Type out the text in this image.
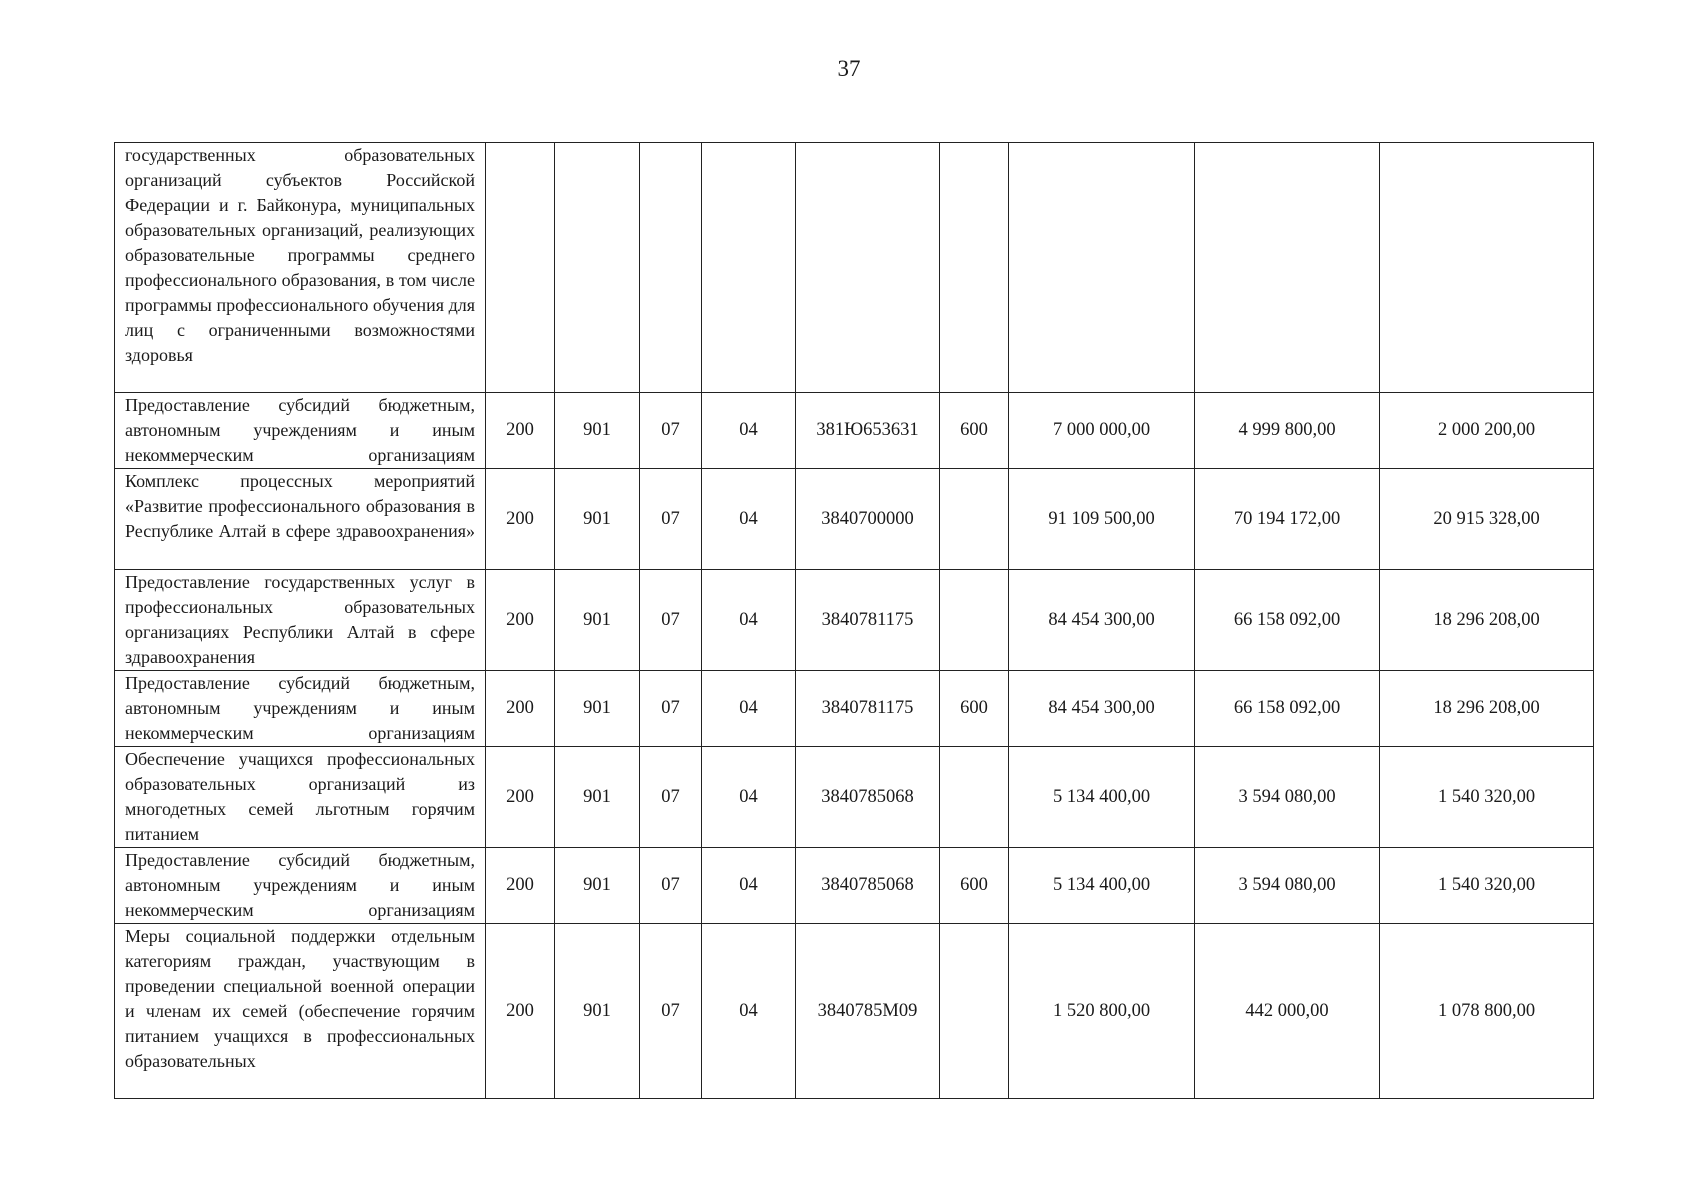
37
государственных образовательных организаций субъектов Российской Федерации и г. Байконура, муниципальных образовательных организаций, реализующих образовательные программы среднего профессионального образования, в том числе программы профессионального обучения для лиц с ограниченными возможностями здоровья									
Предоставление субсидий бюджетным, автономным учреждениям и иным некоммерческим организациям	200	901	07	04	381Ю653631	600	7 000 000,00	4 999 800,00	2 000 200,00
Комплекс процессных мероприятий «Развитие профессионального образования в Республике Алтай в сфере здравоохранения»	200	901	07	04	3840700000		91 109 500,00	70 194 172,00	20 915 328,00
Предоставление государственных услуг в профессиональных образовательных организациях Республики Алтай в сфере здравоохранения	200	901	07	04	3840781175		84 454 300,00	66 158 092,00	18 296 208,00
Предоставление субсидий бюджетным, автономным учреждениям и иным некоммерческим организациям	200	901	07	04	3840781175	600	84 454 300,00	66 158 092,00	18 296 208,00
Обеспечение учащихся профессиональных образовательных организаций из многодетных семей льготным горячим питанием	200	901	07	04	3840785068		5 134 400,00	3 594 080,00	1 540 320,00
Предоставление субсидий бюджетным, автономным учреждениям и иным некоммерческим организациям	200	901	07	04	3840785068	600	5 134 400,00	3 594 080,00	1 540 320,00
Меры социальной поддержки отдельным категориям граждан, участвующим в проведении специальной военной операции и членам их семей (обеспечение горячим питанием учащихся в профессиональных образовательных	200	901	07	04	3840785М09		1 520 800,00	442 000,00	1 078 800,00
